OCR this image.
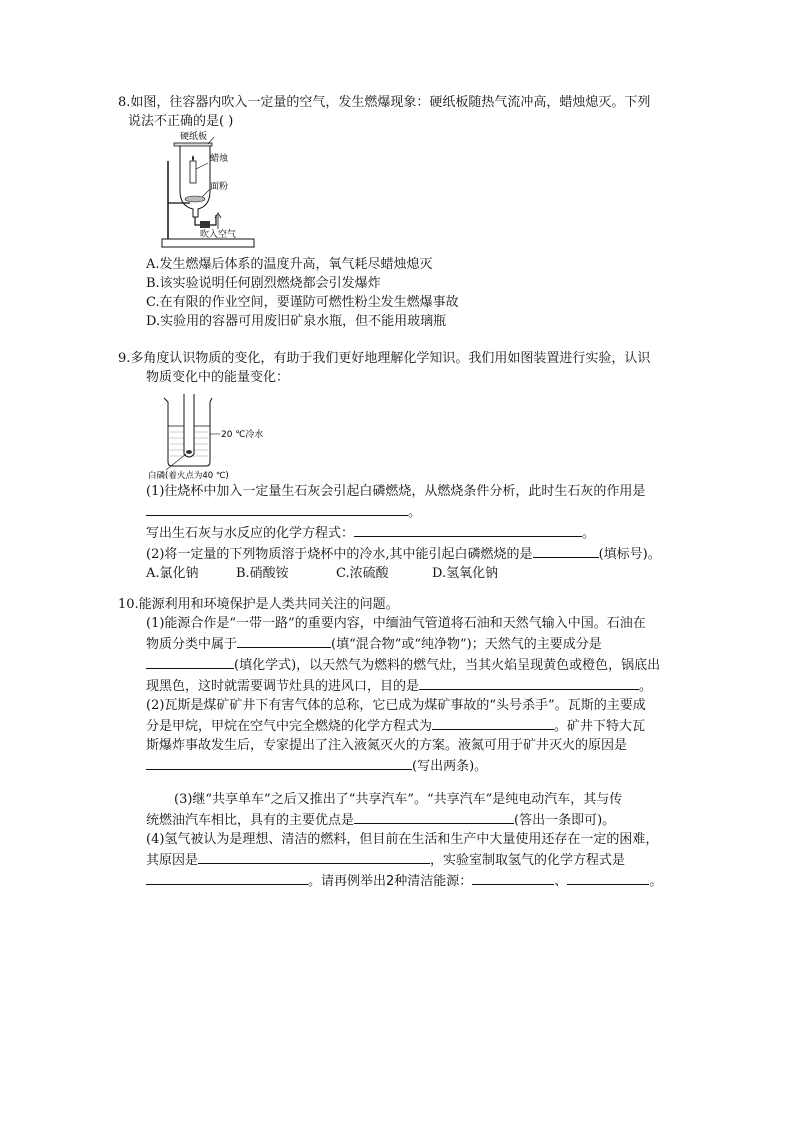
8.如图，往容器内吹入一定量的空气，发生燃爆现象：硬纸板随热气流冲高，蜡烛熄灭。下列
说法不正确的是( )
硬纸板
蜡烛
面粉
吹入空气
A.发生燃爆后体系的温度升高，氧气耗尽蜡烛熄灭
B.该实验说明任何剧烈燃烧都会引发爆炸
C.在有限的作业空间，要谨防可燃性粉尘发生燃爆事故
D.实验用的容器可用废旧矿泉水瓶，但不能用玻璃瓶
9.多角度认识物质的变化，有助于我们更好地理解化学知识。我们用如图装置进行实验，认识
物质变化中的能量变化：
20 ℃冷水
白磷(着火点为40 ℃)
(1)往烧杯中加入一定量生石灰会引起白磷燃烧，从燃烧条件分析，此时生石灰的作用是
。
写出生石灰与水反应的化学方程式：	。
(2)将一定量的下列物质溶于烧杯中的冷水,其中能引起白磷燃烧的是	(填标号)。
A.氯化钠	B.硝酸铵	C.浓硫酸	D.氢氧化钠
10.能源利用和环境保护是人类共同关注的问题。
(1)能源合作是“一带一路”的重要内容，中缅油气管道将石油和天然气输入中国。石油在
物质分类中属于	(填“混合物”或“纯净物”)；天然气的主要成分是
(填化学式)，以天然气为燃料的燃气灶，当其火焰呈现黄色或橙色，锅底出
现黑色，这时就需要调节灶具的进风口，目的是	。
(2)瓦斯是煤矿矿井下有害气体的总称，它已成为煤矿事故的“头号杀手”。瓦斯的主要成
分是甲烷，甲烷在空气中完全燃烧的化学方程式为	。矿井下特大瓦
斯爆炸事故发生后，专家提出了注入液氮灭火的方案。液氮可用于矿井灭火的原因是
(写出两条)。
(3)继“共享单车”之后又推出了“共享汽车”。“共享汽车”是纯电动汽车，其与传
统燃油汽车相比，具有的主要优点是	(答出一条即可)。
(4)氢气被认为是理想、清洁的燃料，但目前在生活和生产中大量使用还存在一定的困难，
其原因是	，实验室制取氢气的化学方程式是
。请再例举出2种清洁能源：	、	。
